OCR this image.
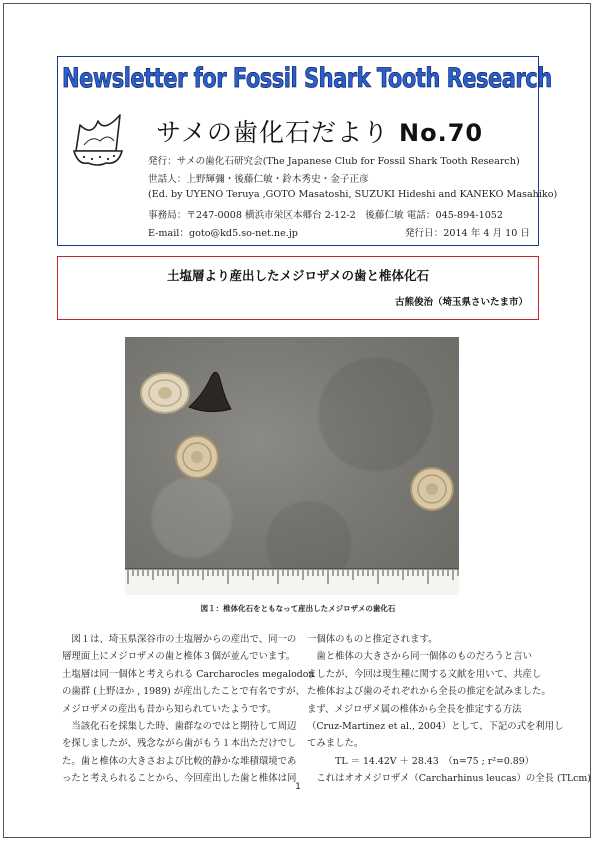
Newsletter for Fossil Shark Tooth Research
サメの歯化石だより No.70
発行：サメの歯化石研究会(The Japanese Club for Fossil Shark Tooth Research)
世話人：上野輝彌・後藤仁敏・鈴木秀史・金子正彦
(Ed. by UYENO Teruya ,GOTO Masatoshi, SUZUKI Hideshi and KANEKO Masahiko)
事務局：〒247-0008 横浜市栄区本郷台 2-12-2　後藤仁敏 電話：045-894-1052
E-mail：goto@kd5.so-net.ne.jp	発行日：2014 年 4 月 10 日
土塩層より産出したメジロザメの歯と椎体化石
古熊俊治（埼玉県さいたま市）
図１：椎体化石をともなって産出したメジロザメの歯化石

　図１は、埼玉県深谷市の土塩層からの産出で、同一の

層理面上にメジロザメの歯と椎体３個が並んでいます。

土塩層は同一個体と考えられる Carcharocles megalodon

の歯群 (上野ほか , 1989) が産出したことで有名ですが、

メジロザメの産出も昔から知られていたようです。

　当該化石を採集した時、歯群なのではと期待して周辺

を探しましたが、残念ながら歯がもう１本出ただけでし

た。歯と椎体の大きさおよび比較的静かな堆積環境であ

ったと考えられることから、今回産出した歯と椎体は同

一個体のものと推定されます。

　歯と椎体の大きさから同一個体のものだろうと言い

ましたが、今回は現生種に関する文献を用いて、共産し

た椎体および歯のそれぞれから全長の推定を試みました。

まず、メジロザメ属の椎体から全長を推定する方法

（Cruz-Martinez et al., 2004）として、下記の式を利用し

てみました。

　　　TL ＝ 14.42V ＋ 28.43　（n=75 ; r²=0.89）

　これはオオメジロザメ（Carcharhinus leucas）の全長 (TLcm)

1
